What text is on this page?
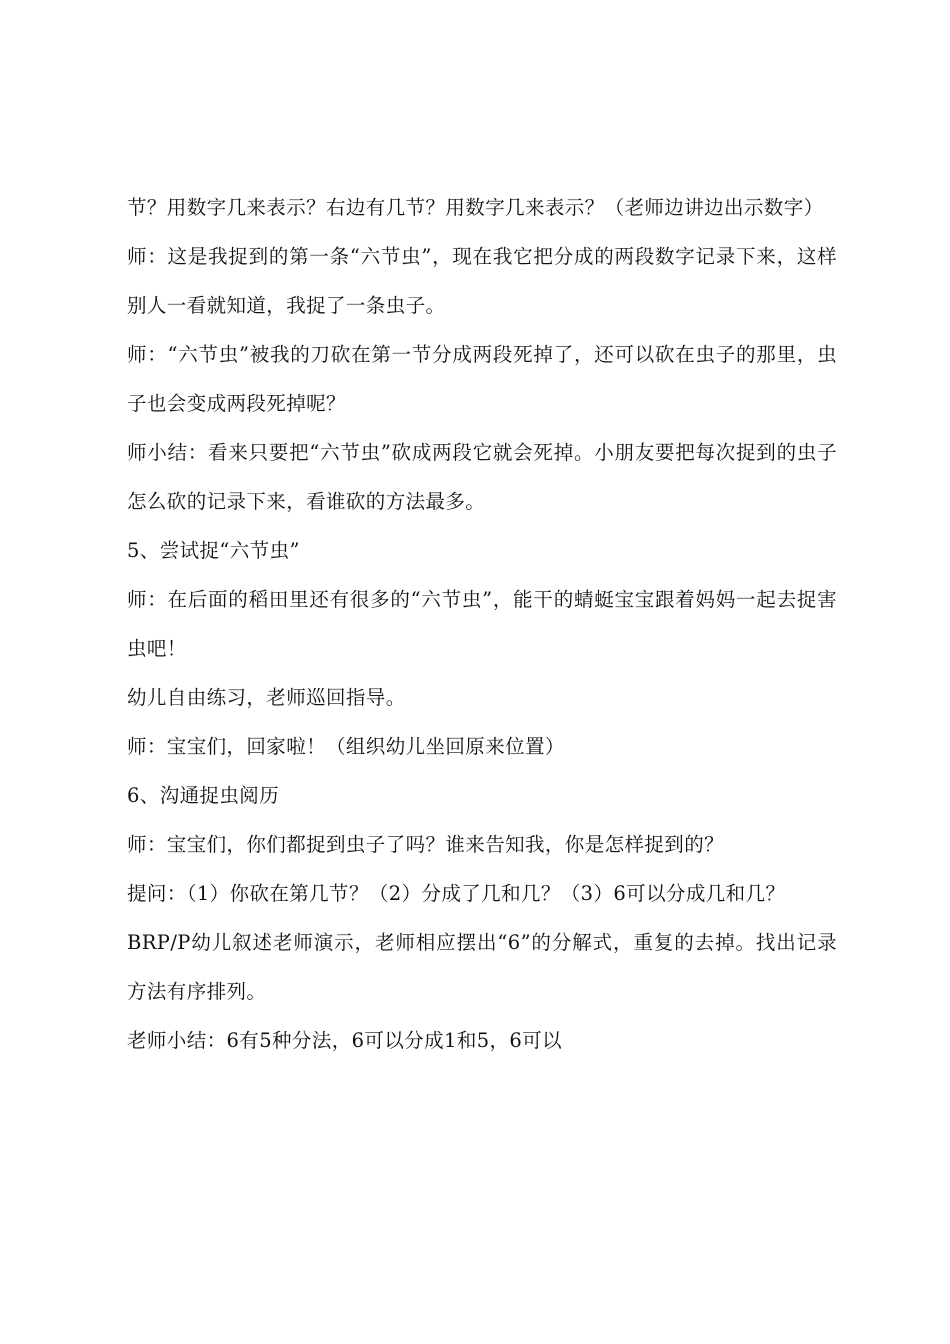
节？用数字几来表示？右边有几节？用数字几来表示？（老师边讲边出示数字）

师：这是我捉到的第一条“六节虫”，现在我它把分成的两段数字记录下来，这样别人一看就知道，我捉了一条虫子。

师：“六节虫”被我的刀砍在第一节分成两段死掉了，还可以砍在虫子的那里，虫子也会变成两段死掉呢？

师小结：看来只要把“六节虫”砍成两段它就会死掉。小朋友要把每次捉到的虫子怎么砍的记录下来，看谁砍的方法最多。

5、尝试捉“六节虫”

师：在后面的稻田里还有很多的“六节虫”，能干的蜻蜓宝宝跟着妈妈一起去捉害虫吧！

幼儿自由练习，老师巡回指导。

师：宝宝们，回家啦！（组织幼儿坐回原来位置）

6、沟通捉虫阅历

师：宝宝们，你们都捉到虫子了吗？谁来告知我，你是怎样捉到的？

提问：（1）你砍在第几节？（2）分成了几和几？（3）6可以分成几和几？

BRP/P幼儿叙述老师演示，老师相应摆出“6”的分解式，重复的去掉。找出记录方法有序排列。

老师小结：6有5种分法，6可以分成1和5，6可以
